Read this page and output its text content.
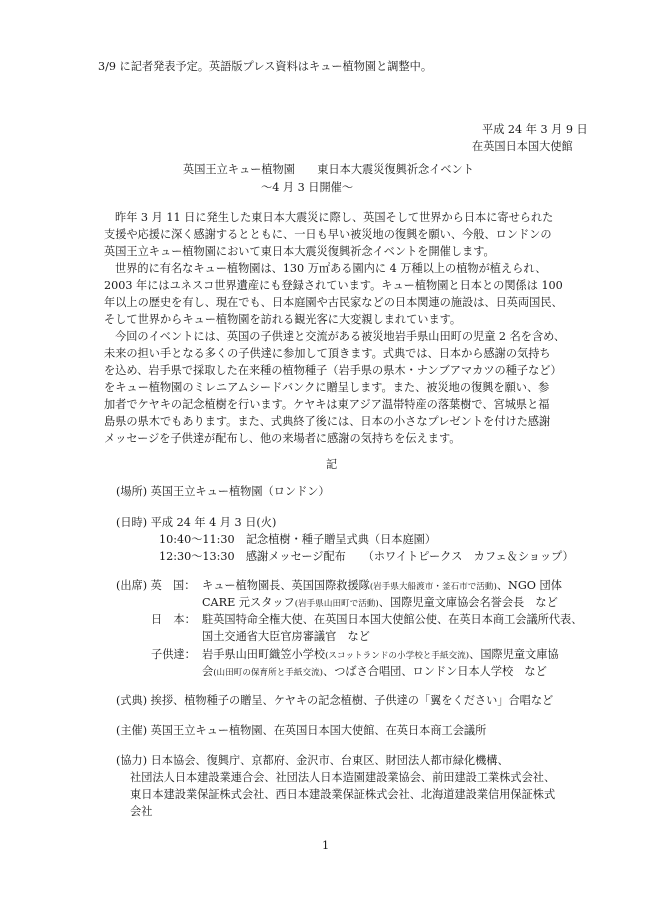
3/9 に記者発表予定。英語版プレス資料はキュー植物園と調整中。
平成 24 年 3 月 9 日
在英国日本国大使館
英国王立キュー植物園　　東日本大震災復興祈念イベント
～4 月 3 日開催～
昨年 3 月 11 日に発生した東日本大震災に際し、英国そして世界から日本に寄せられた
支援や応援に深く感謝するとともに、一日も早い被災地の復興を願い、今般、ロンドンの
英国王立キュー植物園において東日本大震災復興祈念イベントを開催します。
世界的に有名なキュー植物園は、130 万㎡ある園内に 4 万種以上の植物が植えられ、
2003 年にはユネスコ世界遺産にも登録されています。キュー植物園と日本との関係は 100
年以上の歴史を有し、現在でも、日本庭園や古民家などの日本関連の施設は、日英両国民、
そして世界からキュー植物園を訪れる観光客に大変親しまれています。
今回のイベントには、英国の子供達と交流がある被災地岩手県山田町の児童 2 名を含め、
未来の担い手となる多くの子供達に参加して頂きます。式典では、日本から感謝の気持ち
を込め、岩手県で採取した在来種の植物種子（岩手県の県木・ナンブアマカツの種子など）
をキュー植物園のミレニアムシードバンクに贈呈します。また、被災地の復興を願い、参
加者でケヤキの記念植樹を行います。ケヤキは東アジア温帯特産の落葉樹で、宮城県と福
島県の県木でもあります。また、式典終了後には、日本の小さなプレゼントを付けた感謝
メッセージを子供達が配布し、他の来場者に感謝の気持ちを伝えます。
記
(場所) 英国王立キュー植物園（ロンドン）
(日時) 平成 24 年 4 月 3 日(火)
10:40～11:30　記念植樹・種子贈呈式典（日本庭園）
12:30～13:30　感謝メッセージ配布　　（ホワイトピークス　カフェ＆ショップ）
(出席) 英　国： キュー植物園長、英国国際救援隊(岩手県大船渡市・釜石市で活動)、NGO 団体
CARE 元スタッフ(岩手県山田町で活動)、国際児童文庫協会名誉会長　など
日　本： 駐英国特命全権大使、在英国日本国大使館公使、在英日本商工会議所代表、
国土交通省大臣官房審議官　など
子供達： 岩手県山田町織笠小学校(スコットランドの小学校と手紙交流)、国際児童文庫協
会(山田町の保育所と手紙交流)、つばさ合唱団、ロンドン日本人学校　など
(式典) 挨拶、植物種子の贈呈、ケヤキの記念植樹、子供達の「翼をください」合唱など
(主催) 英国王立キュー植物園、在英国日本国大使館、在英日本商工会議所
(協力) 日本協会、復興庁、京都府、金沢市、台東区、財団法人都市緑化機構、
社団法人日本建設業連合会、社団法人日本造園建設業協会、前田建設工業株式会社、
東日本建設業保証株式会社、西日本建設業保証株式会社、北海道建設業信用保証株式
会社
1
